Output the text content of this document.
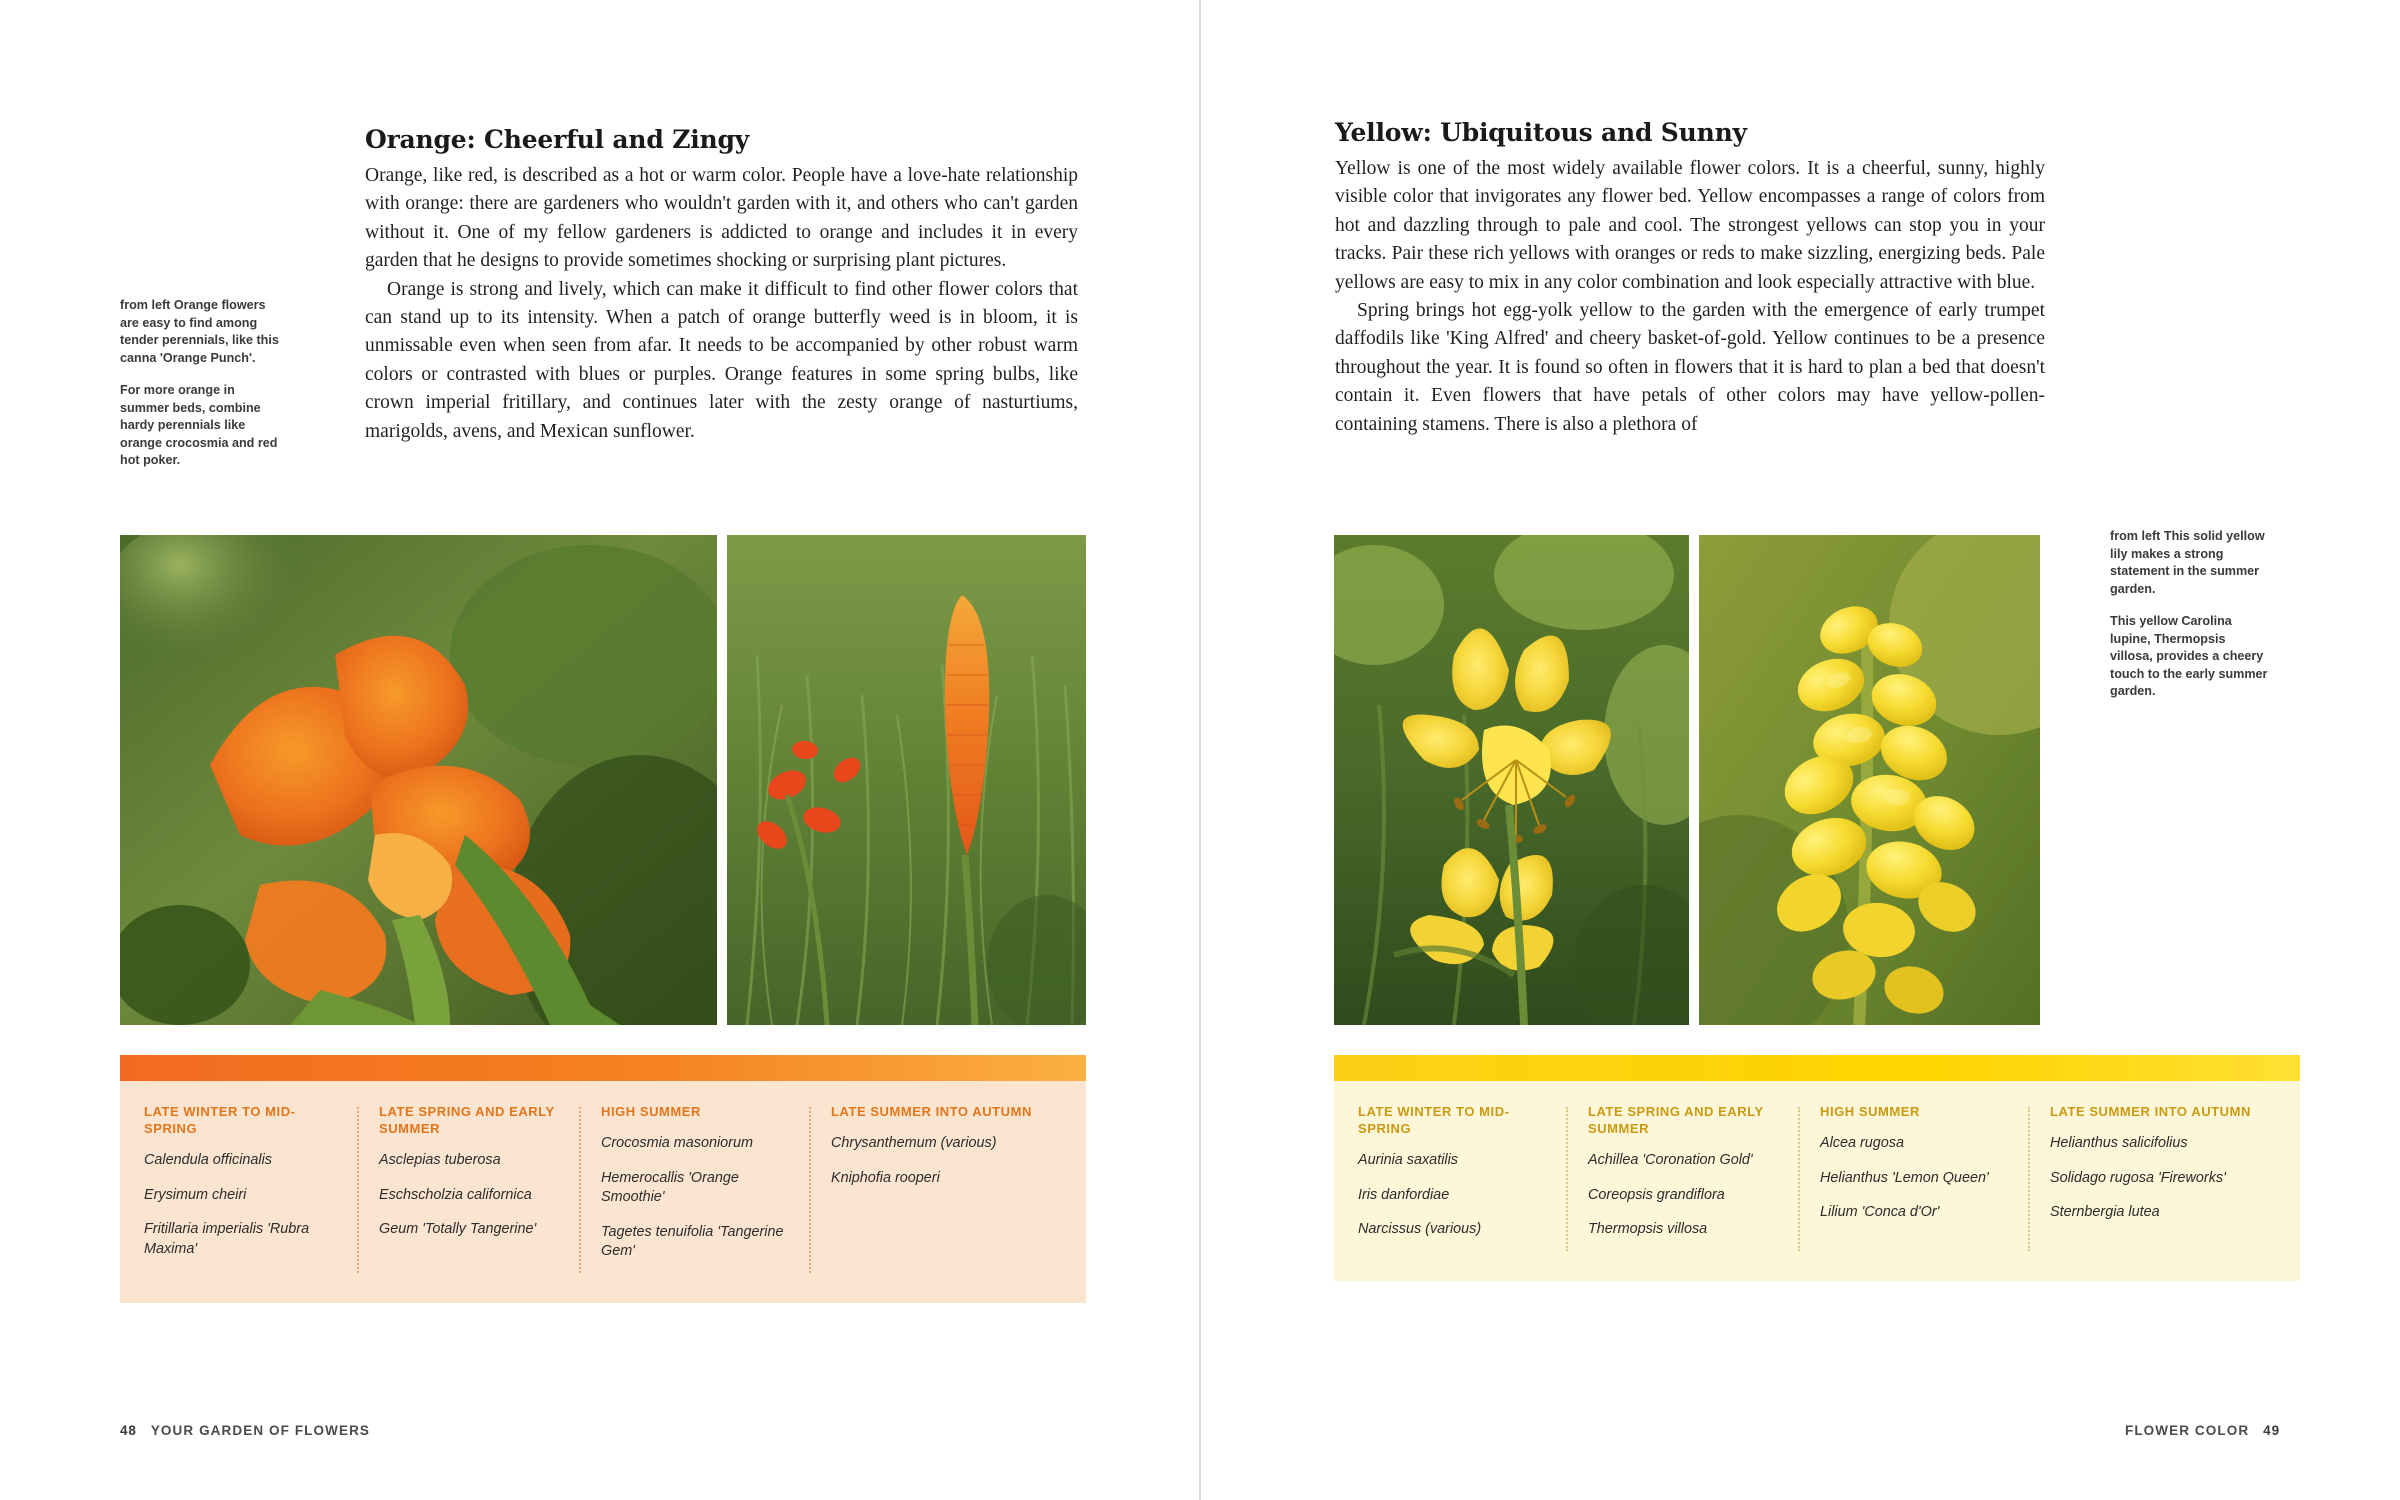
from left Orange flowers are easy to find among tender perennials, like this canna 'Orange Punch'.

For more orange in summer beds, combine hardy perennials like orange crocosmia and red hot poker.

Orange: Cheerful and Zingy

Orange, like red, is described as a hot or warm color. People have a love-hate relationship with orange: there are gardeners who wouldn't garden with it, and others who can't garden without it. One of my fellow gardeners is addicted to orange and includes it in every garden that he designs to provide sometimes shocking or surprising plant pictures.

Orange is strong and lively, which can make it difficult to find other flower colors that can stand up to its intensity. When a patch of orange butterfly weed is in bloom, it is unmissable even when seen from afar. It needs to be accompanied by other robust warm colors or contrasted with blues or purples. Orange features in some spring bulbs, like crown imperial fritillary, and continues later with the zesty orange of nasturtiums, marigolds, avens, and Mexican sunflower.

LATE WINTER TO MID-SPRING
Calendula officinalis
Erysimum cheiri
Fritillaria imperialis 'Rubra Maxima'
LATE SPRING AND EARLY SUMMER
Asclepias tuberosa
Eschscholzia californica
Geum 'Totally Tangerine'
HIGH SUMMER
Crocosmia masoniorum
Hemerocallis 'Orange Smoothie'
Tagetes tenuifolia 'Tangerine Gem'
LATE SUMMER INTO AUTUMN
Chrysanthemum (various)
Kniphofia rooperi
48 YOUR GARDEN OF FLOWERS
Yellow: Ubiquitous and Sunny

Yellow is one of the most widely available flower colors. It is a cheerful, sunny, highly visible color that invigorates any flower bed. Yellow encompasses a range of colors from hot and dazzling through to pale and cool. The strongest yellows can stop you in your tracks. Pair these rich yellows with oranges or reds to make sizzling, energizing beds. Pale yellows are easy to mix in any color combination and look especially attractive with blue.

Spring brings hot egg-yolk yellow to the garden with the emergence of early trumpet daffodils like 'King Alfred' and cheery basket-of-gold. Yellow continues to be a presence throughout the year. It is found so often in flowers that it is hard to plan a bed that doesn't contain it. Even flowers that have petals of other colors may have yellow-pollen-containing stamens. There is also a plethora of

from left This solid yellow lily makes a strong statement in the summer garden.

This yellow Carolina lupine, Thermopsis villosa, provides a cheery touch to the early summer garden.

LATE WINTER TO MID-SPRING
Aurinia saxatilis
Iris danfordiae
Narcissus (various)
LATE SPRING AND EARLY SUMMER
Achillea 'Coronation Gold'
Coreopsis grandiflora
Thermopsis villosa
HIGH SUMMER
Alcea rugosa
Helianthus 'Lemon Queen'
Lilium 'Conca d'Or'
LATE SUMMER INTO AUTUMN
Helianthus salicifolius
Solidago rugosa 'Fireworks'
Sternbergia lutea
FLOWER COLOR 49
